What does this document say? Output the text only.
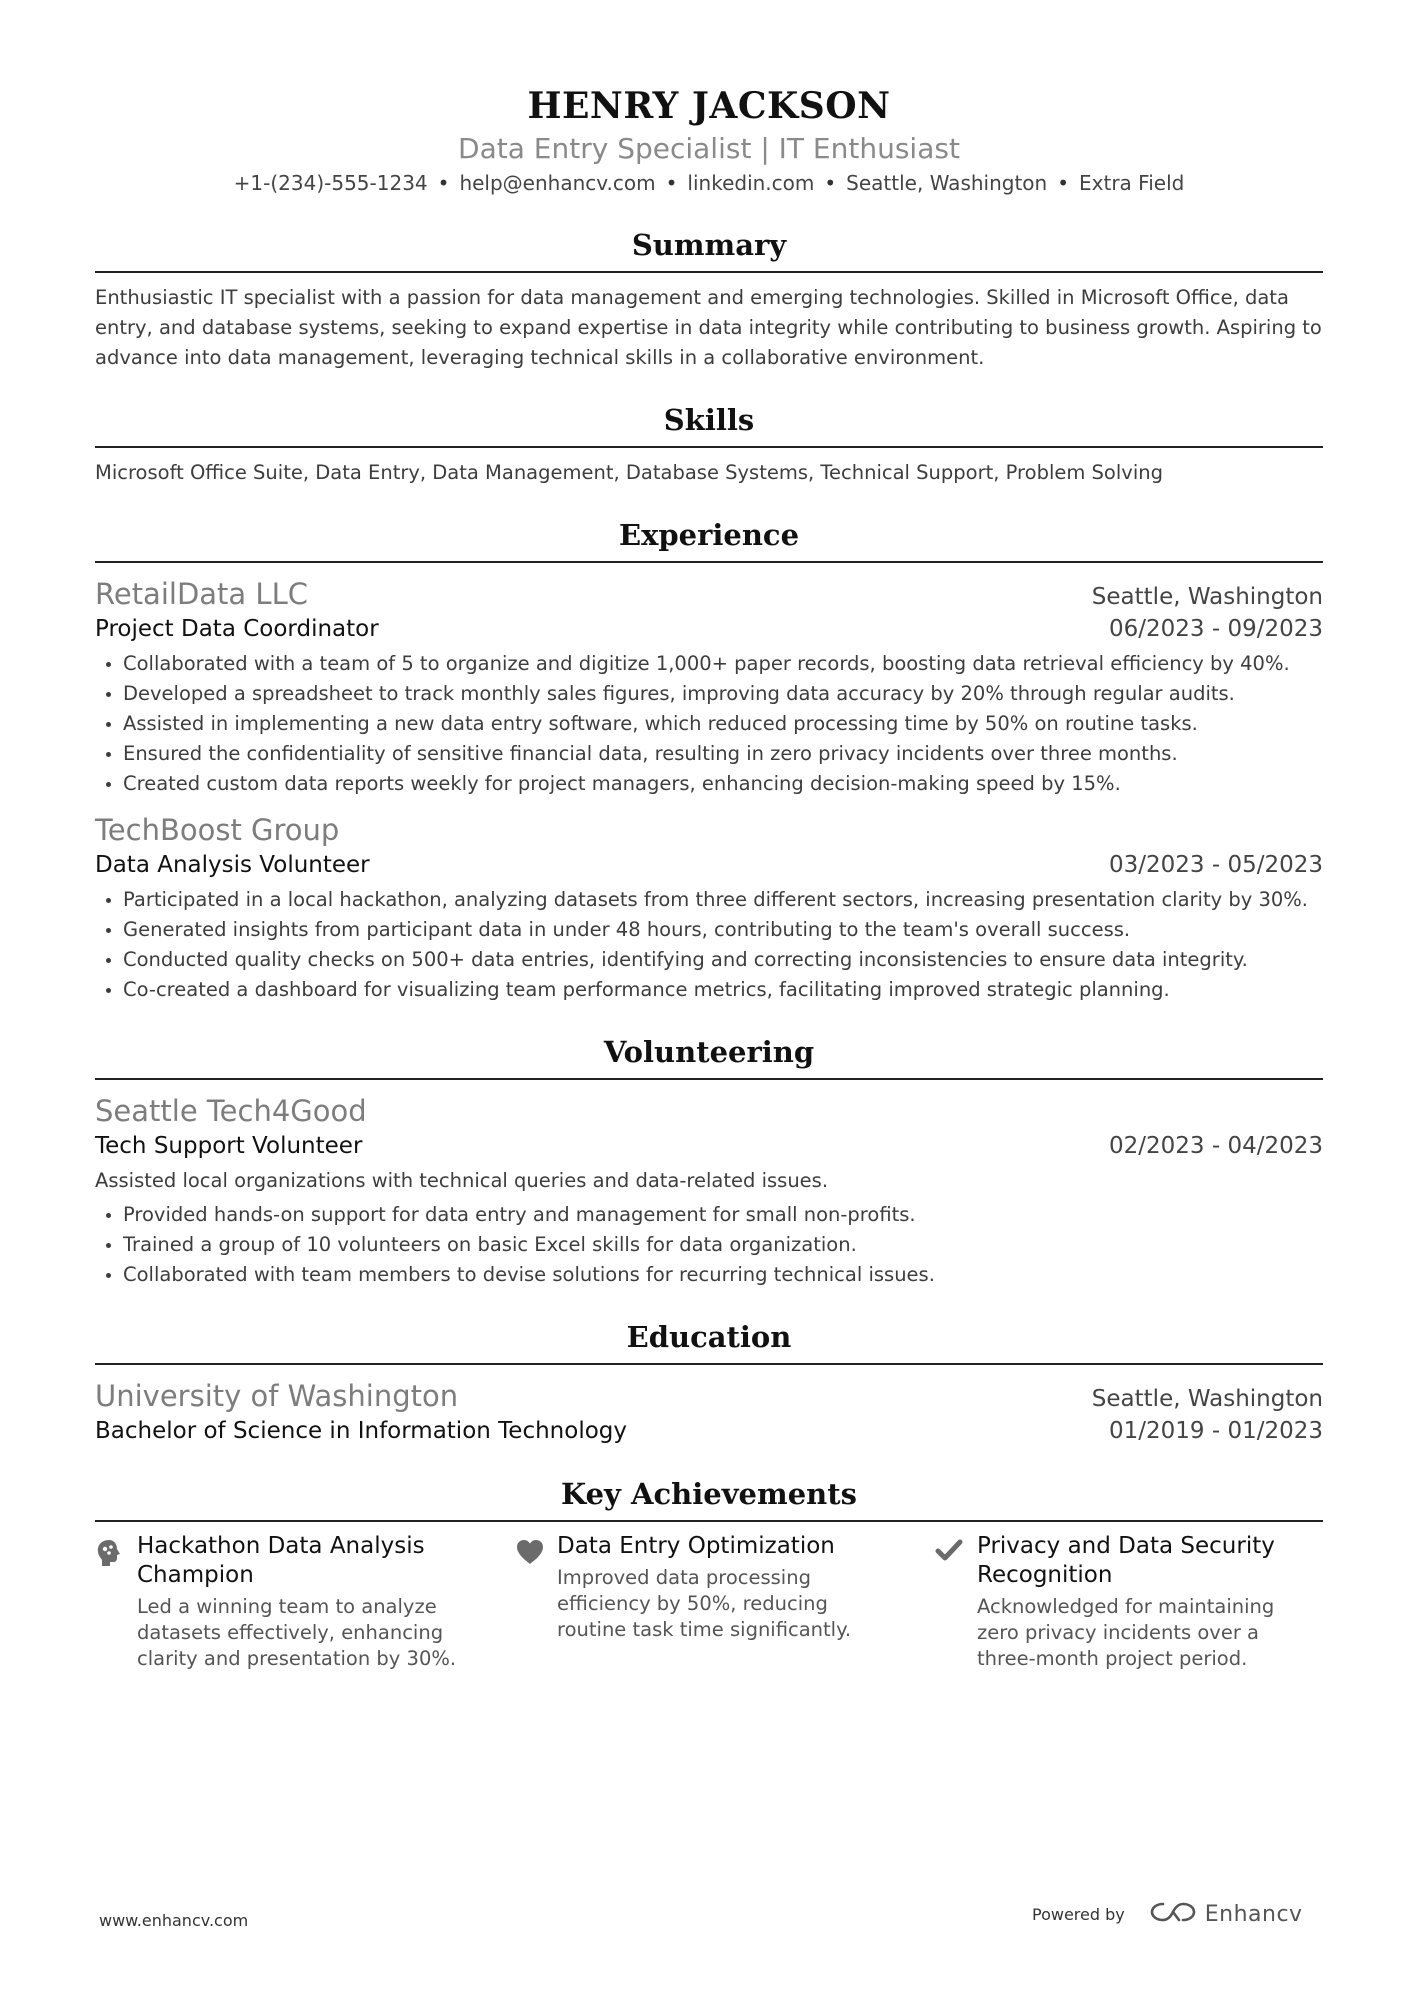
HENRY JACKSON
Data Entry Specialist | IT Enthusiast
+1-(234)-555-1234 • help@enhancv.com • linkedin.com • Seattle, Washington • Extra Field
Summary
Enthusiastic IT specialist with a passion for data management and emerging technologies. Skilled in Microsoft Office, data entry, and database systems, seeking to expand expertise in data integrity while contributing to business growth. Aspiring to advance into data management, leveraging technical skills in a collaborative environment.
Skills
Microsoft Office Suite, Data Entry, Data Management, Database Systems, Technical Support, Problem Solving
Experience
RetailData LLC	Seattle, Washington
Project Data Coordinator	06/2023 - 09/2023
• Collaborated with a team of 5 to organize and digitize 1,000+ paper records, boosting data retrieval efficiency by 40%.
• Developed a spreadsheet to track monthly sales figures, improving data accuracy by 20% through regular audits.
• Assisted in implementing a new data entry software, which reduced processing time by 50% on routine tasks.
• Ensured the confidentiality of sensitive financial data, resulting in zero privacy incidents over three months.
• Created custom data reports weekly for project managers, enhancing decision-making speed by 15%.
TechBoost Group
Data Analysis Volunteer	03/2023 - 05/2023
• Participated in a local hackathon, analyzing datasets from three different sectors, increasing presentation clarity by 30%.
• Generated insights from participant data in under 48 hours, contributing to the team's overall success.
• Conducted quality checks on 500+ data entries, identifying and correcting inconsistencies to ensure data integrity.
• Co-created a dashboard for visualizing team performance metrics, facilitating improved strategic planning.
Volunteering
Seattle Tech4Good
Tech Support Volunteer	02/2023 - 04/2023
Assisted local organizations with technical queries and data-related issues.
• Provided hands-on support for data entry and management for small non-profits.
• Trained a group of 10 volunteers on basic Excel skills for data organization.
• Collaborated with team members to devise solutions for recurring technical issues.
Education
University of Washington	Seattle, Washington
Bachelor of Science in Information Technology	01/2019 - 01/2023
Key Achievements
Hackathon Data Analysis Champion
Led a winning team to analyze datasets effectively, enhancing clarity and presentation by 30%.
Data Entry Optimization
Improved data processing efficiency by 50%, reducing routine task time significantly.
Privacy and Data Security Recognition
Acknowledged for maintaining zero privacy incidents over a three-month project period.
www.enhancv.com	Powered by	Enhancv
